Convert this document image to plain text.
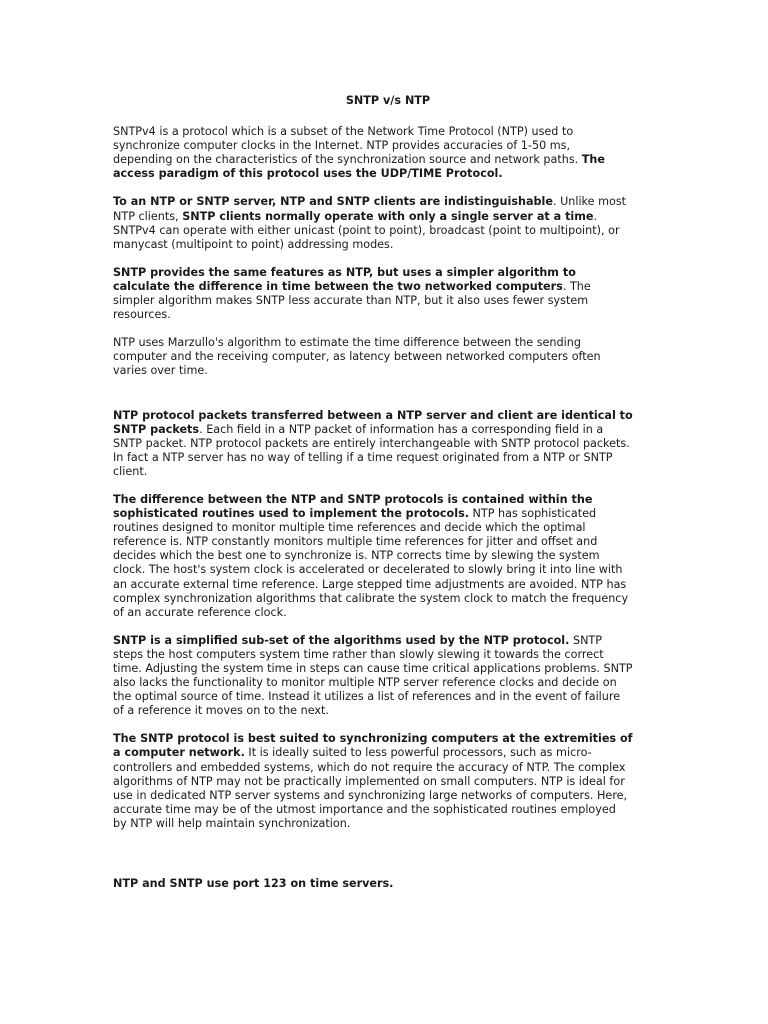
SNTP v/s NTP

SNTPv4 is a protocol which is a subset of the Network Time Protocol (NTP) used to synchronize computer clocks in the Internet. NTP provides accuracies of 1-50 ms, depending on the characteristics of the synchronization source and network paths. The access paradigm of this protocol uses the UDP/TIME Protocol.

To an NTP or SNTP server, NTP and SNTP clients are indistinguishable. Unlike most NTP clients, SNTP clients normally operate with only a single server at a time. SNTPv4 can operate with either unicast (point to point), broadcast (point to multipoint), or manycast (multipoint to point) addressing modes.

SNTP provides the same features as NTP, but uses a simpler algorithm to calculate the difference in time between the two networked computers. The simpler algorithm makes SNTP less accurate than NTP, but it also uses fewer system resources.

NTP uses Marzullo's algorithm to estimate the time difference between the sending computer and the receiving computer, as latency between networked computers often varies over time.

NTP protocol packets transferred between a NTP server and client are identical to SNTP packets. Each field in a NTP packet of information has a corresponding field in a SNTP packet. NTP protocol packets are entirely interchangeable with SNTP protocol packets. In fact a NTP server has no way of telling if a time request originated from a NTP or SNTP client.

The difference between the NTP and SNTP protocols is contained within the sophisticated routines used to implement the protocols. NTP has sophisticated routines designed to monitor multiple time references and decide which the optimal reference is. NTP constantly monitors multiple time references for jitter and offset and decides which the best one to synchronize is. NTP corrects time by slewing the system clock. The host's system clock is accelerated or decelerated to slowly bring it into line with an accurate external time reference. Large stepped time adjustments are avoided. NTP has complex synchronization algorithms that calibrate the system clock to match the frequency of an accurate reference clock.

SNTP is a simplified sub-set of the algorithms used by the NTP protocol. SNTP steps the host computers system time rather than slowly slewing it towards the correct time. Adjusting the system time in steps can cause time critical applications problems. SNTP also lacks the functionality to monitor multiple NTP server reference clocks and decide on the optimal source of time. Instead it utilizes a list of references and in the event of failure of a reference it moves on to the next.

The SNTP protocol is best suited to synchronizing computers at the extremities of a computer network. It is ideally suited to less powerful processors, such as micro-controllers and embedded systems, which do not require the accuracy of NTP. The complex algorithms of NTP may not be practically implemented on small computers. NTP is ideal for use in dedicated NTP server systems and synchronizing large networks of computers. Here, accurate time may be of the utmost importance and the sophisticated routines employed by NTP will help maintain synchronization.

NTP and SNTP use port 123 on time servers.
